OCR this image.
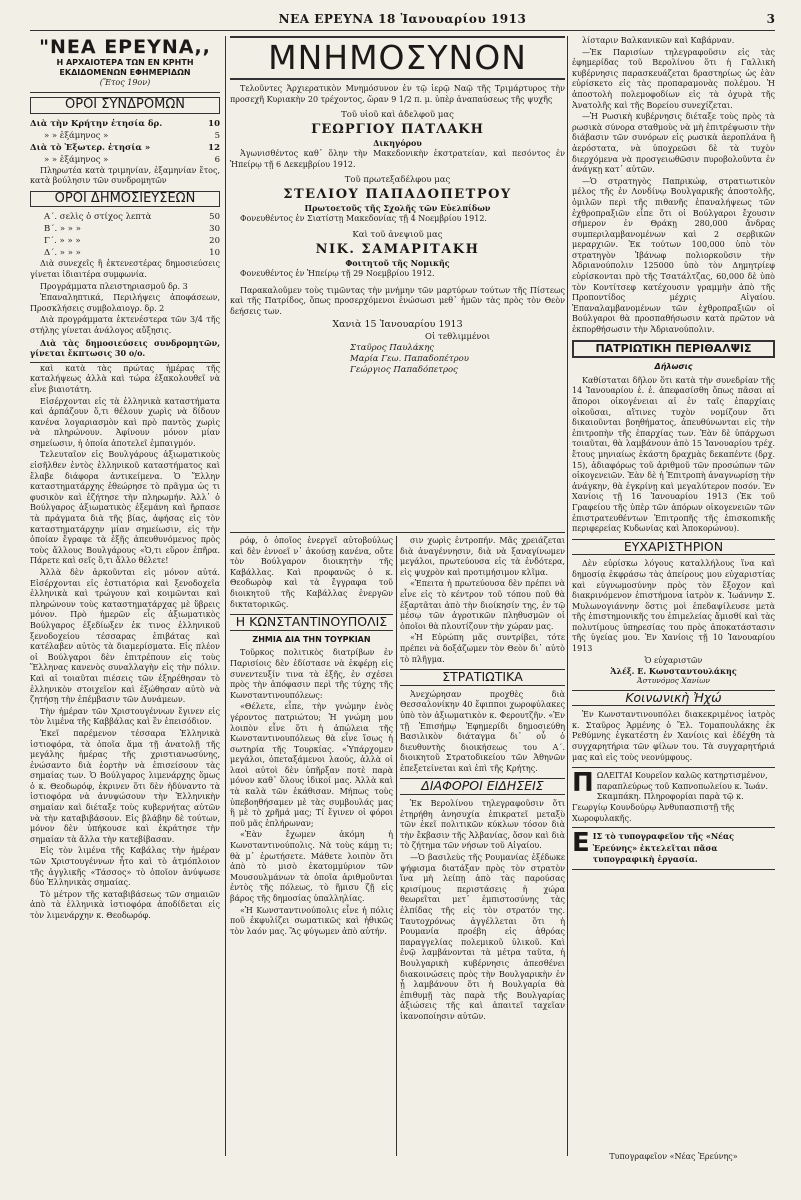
ΝΕΑ ΕΡΕΥΝΑ 18 Ἰανουαρίου 1913	3
"ΝΕΑ ΕΡΕΥΝΑ,,
Η ΑΡΧΑΙΟΤΕΡΑ ΤΩΝ ΕΝ ΚΡΗΤΗ
ΕΚΔΙΔΟΜΕΝΩΝ ΕΦΗΜΕΡΙΔΩΝ
(Ἔτος 19ον)
ΟΡΟΙ ΣΥΝΔΡΟΜΩΝ
Διὰ τὴν Κρήτην ἐτησία δρ.	10
» » ἑξάμηνος »	5
Διὰ τὸ Ἐξωτερ. ἐτησία »	12
» » ἑξάμηνος »	6

Πληρωτέα κατὰ τριμηνίαν, ἑξαμηνίαν ἔτος, κατὰ βούλησιν τῶν συνδρομητῶν

ΟΡΟΙ ΔΗΜΟΣΙΕΥΣΕΩΝ
Α΄. σελὶς ὁ στίχος λεπτὰ	50
Β΄. » » »	30
Γ΄. » » »	20
Δ΄. » » »	10

Διὰ συνεχεῖς ἢ ἐκτενεστέρας δημοσιεύσεις γίνεται ἰδιαιτέρα συμφωνία.

Προγράμματα πλειστηριασμοῦ δρ. 3

Ἐπαναληπτικά, Περιλήψεις ἀποφάσεων, Προσκλήσεις συμβολαιογρ. δρ. 2

Διὰ προγράμματα ἐκτενέστερα τῶν 3/4 τῆς στήλης γίνεται ἀνάλογος αὔξησις.

Διὰ τὰς δημοσιεύσεις συνδρομητῶν, γίνεται ἔκπτωσις 30 ο/ο.

καὶ κατὰ τὰς πρώτας ἡμέρας τῆς καταλήψεως ἀλλὰ καὶ τώρα ἐξακολουθεῖ νὰ εἶνε βιαιοτάτη.

Εἰσέρχονται εἰς τὰ ἑλληνικὰ καταστήματα καὶ ἁρπάζουν ὅ,τι θέλουν χωρὶς νὰ δίδουν κανένα λογαριασμὸν καὶ πρὸ παντὸς χωρὶς νὰ πληρώνουν. Ἀφίνουν μόνον μίαν σημείωσιν, ἡ ὁποία ἀποτελεῖ ἐμπαιγμόν.

Τελευταῖον εἰς Βουλγάρους ἀξιωματικοὺς εἰσῆλθεν ἐντὸς ἑλληνικοῦ καταστήματος καὶ ἔλαβε διάφορα ἀντικείμενα. Ὁ Ἕλλην καταστηματάρχης ἐθεώρησε τὸ πρᾶγμα ὡς τι φυσικὸν καὶ ἐζήτησε τὴν πληρωμήν. Ἀλλ᾽ ὁ Βούλγαρος ἀξιωματικὸς ἐξεμάνη καὶ ἤρπασε τὰ πράγματα διὰ τῆς βίας, ἀφήσας εἰς τὸν καταστηματάρχην μίαν σημείωσιν, εἰς τὴν ὁποίαν ἔγραφε τὰ ἑξῆς ἀπευθυνόμενος πρὸς τοὺς ἄλλους Βουλγάρους «Ὁ,τι εὕρον ἐπῆρα. Πάρετε καὶ σεῖς ὅ,τι ἄλλο θέλετε!

Ἀλλὰ δὲν ἀρκοῦνται εἰς μόνον αὐτά. Εἰσέρχονται εἰς ἑστιατόρια καὶ ξενοδοχεῖα ἑλληνικὰ καὶ τρώγουν καὶ κοιμῶνται καὶ πληρώνουν τοὺς καταστηματάρχας μὲ ὕβρεις μόνον. Πρὸ ἡμερῶν εἷς ἀξιωματικὸς Βούλγαρος ἐξεδίωξεν ἐκ τινος ἑλληνικοῦ ξενοδοχείου τέσσαρας ἐπιβάτας καὶ κατέλαβεν αὐτὸς τὰ διαμερίσματα. Εἰς πλέον οἱ Βούλγαροι δὲν ἐπιτρέπουν εἰς τοὺς Ἕλληνας κανενὸς συναλλαγὴν εἰς τὴν πόλιν. Καὶ αἱ τοιαῦται πιέσεις τῶν ἐξηρέθησαν τὸ ἑλληνικὸν στοιχεῖον καὶ ἐξώθησαν αὐτὸ νὰ ζητήσῃ τὴν ἐπέμβασιν τῶν Δυνάμεων.

Τὴν ἡμέραν τῶν Χριστουγέννων ἔγινεν εἰς τὸν λιμένα τῆς Καββάλας καὶ ἓν ἐπεισόδιον.

Ἐκεῖ παρέμενον τέσσαρα Ἑλληνικὰ ἱστιοφόρα, τὰ ὁποῖα ἅμα τῇ ἀνατολῇ τῆς μεγάλης ἡμέρας τῆς χριστιανωσύνης, ἐνώσαντο διὰ ἑορτὴν νὰ ἐπισείσουν τὰς σημαίας των. Ὁ Βούλγαρος λιμενάρχης ὅμως ὁ κ. Θεοδωρόφ, ἐκρινεν ὅτι δὲν ἠδύναντο τὰ ἱστιοφόρα νὰ ἀνυψώσουν τὴν Ἑλληνικὴν σημαίαν καὶ διέταξε τοὺς κυβερνήτας αὐτῶν νὰ τὴν καταβιβάσουν. Εἰς βλάβην δὲ τούτων, μόνον δὲν ὑπήκουσε καὶ ἐκράτησε τὴν σημαίαν τὰ ἄλλα τὴν κατεβίβασαν.

Εἰς τὸν λιμένα τῆς Καβάλας τὴν ἡμέραν τῶν Χριστουγέννων ἦτο καὶ τὸ ἀτμόπλοιον τῆς ἀγγλικῆς «Τάσσος» τὸ ὁποῖον ἀνύψωσε δύο Ἑλληνικὰς σημαίας.

Τὸ μέτρον τῆς καταβιβάσεως τῶν σημαιῶν ἀπὸ τὰ ἑλληνικὰ ἱστιοφόρα ἀποδίδεται εἰς τὸν λιμενάρχην κ. Θεοδωρόφ.

ΜΝΗΜΟΣΥΝΟΝ

Τελοῦντες Ἀρχιερατικὸν Μνημόσυνον ἐν τῷ ἱερῷ Ναῷ τῆς Τριμάρτυρος τὴν προσεχῆ Κυριακὴν 20 τρέχοντος, ὥραν 9 1/2 π. μ. ὑπὲρ ἀναπαύσεως τῆς ψυχῆς

Τοῦ υἱοῦ καὶ ἀδελφοῦ μας
ΓΕΩΡΓΙΟΥ ΠΑΤΛΑΚΗ
Δικηγόρου

Ἀγωνισθέντος καθ᾽ ὅλην τὴν Μακεδονικὴν ἐκστρατείαν, καὶ πεσόντος ἐν Ἠπείρῳ τῇ 6 Δεκεμβρίου 1912.

Τοῦ πρωτεξαδέλφου μας
ΣΤΕΛΙΟΥ ΠΑΠΑΔΟΠΕΤΡΟΥ
Πρωτοετοῦς τῆς Σχολῆς τῶν Εὐελπίδων

Φονευθέντος ἐν Σιατίστῃ Μακεδονίας τῇ 4 Νοεμβρίου 1912.

Καὶ τοῦ ἀνεψιοῦ μας
ΝΙΚ. ΣΑΜΑΡΙΤΑΚΗ
Φοιτητοῦ τῆς Νομικῆς

Φονευθέντος ἐν Ἠπείρῳ τῇ 29 Νοεμβρίου 1912.

Παρακαλοῦμεν τοὺς τιμῶντας τὴν μνήμην τῶν μαρτύρων τούτων τῆς Πίστεως καὶ τῆς Πατρίδος, ὅπως προσερχόμενοι ἑνώσωσι μεθ᾽ ἡμῶν τὰς πρὸς τὸν Θεὸν δεήσεις των.

Χανιὰ 15 Ἰανουαρίου 1913
Οἱ τεθλιμμένοι
Σταῦρος Παυλάκης
Μαρία Γεω. Παπαδοπέτρου
Γεώργιος Παπαδόπετρος

ρόφ, ὁ ὁποῖος ἐνεργεῖ αὐτοβούλως καὶ δὲν ἐννοεῖ ν᾽ ἀκούσῃ κανένα, οὔτε τὸν Βούλγαρον διοικητὴν τῆς Καβάλλας. Καὶ προφανῶς ὁ κ. Θεοδωρὸφ καὶ τὰ ἔγγραφα τοῦ διοικητοῦ τῆς Καβάλλας ἐνεργῶν δικτατορικῶς.

Η ΚΩΝΣΤΑΝΤΙΝΟΥΠΟΛΙΣ
ΖΗΜΙΑ ΔΙΑ ΤΗΝ ΤΟΥΡΚΙΑΝ

Τοῦρκος πολιτικὸς διατρίβων ἐν Παρισίοις δὲν ἐδίστασε νὰ ἐκφέρῃ εἰς συνεντευξίν τινα τὰ ἑξῆς, ἐν σχέσει πρὸς τὴν ἀπόφασιν περὶ τῆς τύχης τῆς Κωνσταντινουπόλεως:

«Θέλετε, εἶπε, τὴν γνώμην ἑνὸς γέροντος πατριώτου; Ἡ γνώμη μου λοιπὸν εἶνε ὅτι ἡ ἀπώλεια τῆς Κωνσταντινουπόλεως θὰ εἶνε ἴσως ἡ σωτηρία τῆς Τουρκίας. «Ὑπάρχομεν μεγάλοι, ὀπεταξάμενοι λαούς, ἀλλὰ οἱ λαοὶ αὐτοὶ δὲν ὑπῆρξαν ποτὲ παρὰ μόνον καθ᾽ ὅλους ἰδικοί μας. Ἀλλὰ καὶ τὰ καλὰ τῶν ἐκάθισαν. Μήπως τοὺς ὑπεβοηθήσαμεν μὲ τὰς συμβουλάς μας ἢ μὲ τὸ χρῆμά μας; Τί ἔγινεν οἱ φόροι ποῦ μᾶς ἐπλήρωναν;

«Ἐὰν ἔχωμεν ἀκόμη ἡ Κωνσταντινούπολις. Νὰ τοὺς κάμῃ τι; θὰ μ᾽ ἐρωτήσετε. Μάθετε λοιπὸν ὅτι ἀπὸ τὸ μισὸ ἐκατομμύριον τῶν Μουσουλμάνων τὰ ὁποῖα ἀριθμοῦνται ἐντὸς τῆς πόλεως, τὸ ἥμισυ ζῇ εἰς βάρος τῆς δημοσίας ὑπαλληλίας.

«Ἡ Κωνσταντινούπολις εἶνε ἡ πόλις ποῦ ἐκφυλίζει σωματικῶς καὶ ἠθικῶς τὸν λαόν μας. Ἂς φύγωμεν ἀπὸ αὐτήν.

σιν χωρὶς ἐντροπήν. Μᾶς χρειάζεται διὰ ἀναγέννησιν, διὰ νὰ ξαναγίνωμεν μεγάλοι, πρωτεύουσα εἰς τὰ ἐνδότερα, εἰς ψυχρὸν καὶ προτιμήσιμον κλῖμα.

«Ἐπειτα ἡ πρωτεύουσα δὲν πρέπει νὰ εἶνε εἰς τὸ κέντρον τοῦ τόπου ποῦ θὰ ἐξαρτᾶται ἀπὸ τὴν διοίκησίν της, ἐν τῷ μέσῳ τῶν ἀγροτικῶν πληθυσμῶν οἱ ὁποῖοι θὰ πλουτίζουν τὴν χώραν μας.

«Ἡ Εὐρώπη μᾶς συντρίβει, τότε πρέπει νὰ δοξάζωμεν τὸν Θεὸν δι᾽ αὐτὸ τὸ πλῆγμα.

ΣΤΡΑΤΙΩΤΙΚΑ

Ἀνεχώρησαν προχθὲς διὰ Θεσσαλονίκην 40 ἔφιπποι χωροφύλακες ὑπὸ τὸν ἀξιωματικὸν κ. Φερουτζῆν. «Ἐν τῇ Ἐπισήμῳ Ἐφημερίδι δημοσιεύθη Βασιλικὸν διάταγμα δι᾽ οὗ ὁ διευθυντὴς διοικήσεως του Α΄. διοικητοῦ Στρατοδικείου τῶν Ἀθηνῶν ἐπεξετείνεται καὶ ἐπὶ τῆς Κρήτης.

ΔΙΑΦΟΡΟΙ ΕΙΔΗΣΕΙΣ

Ἐκ Βερολίνου τηλεγραφοῦσιν ὅτι ἐτηρήθη ἀνησυχία ἐπικρατεῖ μεταξὺ τῶν ἐκεῖ πολιτικῶν κύκλων τόσον διὰ τὴν ἔκβασιν τῆς Ἀλβανίας, ὅσον καὶ διὰ τὸ ζήτημα τῶν νήσων τοῦ Αἰγαίου.

—Ὁ βασιλεὺς τῆς Ρουμανίας ἐξέδωκε ψήφισμα διατάξαν πρὸς τὸν στρατὸν ἵνα μὴ λείπῃ ἀπὸ τὰς παρούσας κρισίμους περιστάσεις ἡ χώρα θεωρεῖται μετ᾽ ἐμπιστοσύνης τὰς ἐλπίδας τῆς εἰς τὸν στρατόν της. Ταυτοχρόνως ἀγγέλλεται ὅτι ἡ Ρουμανία προέβη εἰς ἀθρόας παραγγελίας πολεμικοῦ ὑλικοῦ. Καὶ ἐνῷ λαμβάνονται τὰ μέτρα ταῦτα, ἡ Βουλγαρικὴ κυβέρνησις ἀπεσθένει διακοινώσεις πρὸς τὴν Βουλγαρικὴν ἐν ᾗ λαμβάνουν ὅτι ἡ Βουλγαρία θὰ ἐπιθυμῇ τὰς παρὰ τῆς Βουλγαρίας ἀξιώσεις τῆς καὶ ἀπαιτεῖ ταχεῖαν ἱκανοποίησιν αὐτῶν.

λίσταριν Βαλκανικῶν καὶ Καβάρναν.

—Ἐκ Παρισίων τηλεγραφοῦσιν εἰς τὰς ἐφημερίδας τοῦ Βερολίνου ὅτι ἡ Γαλλικὴ κυβέρνησις παρασκευάζεται δραστηρίως ὡς ἐὰν εὑρίσκετο εἰς τὰς προπαραμονὰς πολέμου. Ἡ ἀποστολὴ πολεμοφοδίων εἰς τὰ ὀχυρὰ τῆς Ἀνατολῆς καὶ τῆς Βορείου συνεχίζεται.

—Ἡ Ρωσικὴ κυβέρνησις διέταξε τοὺς πρὸς τὰ ρωσικὰ σύνορα σταθμοὺς νὰ μὴ ἐπιτρέψωσιν τὴν διάβασιν τῶν συνόρων εἰς ρωσικὰ ἀεροπλάνα ἢ ἀερόστατα, νὰ ὑποχρεῶσι δὲ τὰ τυχὸν διερχόμενα νὰ προσγειωθῶσιν πυροβολοῦντα ἐν ἀνάγκῃ κατ᾽ αὐτῶν.

—Ὁ στρατηγὸς Παπρικώφ, στρατιωτικὸν μέλος τῆς ἐν Λονδίνῳ Βουλγαρικῆς ἀποστολῆς, ὁμιλῶν περὶ τῆς πιθανῆς ἐπαναλήψεως τῶν ἐχθροπραξιῶν εἶπε ὅτι οἱ Βούλγαροι ἔχουσιν σήμερον ἐν Θράκῃ 280,000 ἄνδρας συμπεριλαμβανομένων καὶ 2 σερβικῶν μεραρχιῶν. Ἐκ τούτων 100,000 ὑπὸ τὸν στρατηγὸν Ἰβάνωφ πολιορκοῦσιν τὴν Ἀδριανούπολιν 125000 ὑπὸ τὸν Δημητρίεφ εὑρίσκονται πρὸ τῆς Τσατάλτζας, 60,000 δὲ ὑπὸ τὸν Κοντίτσεφ κατέχουσιν γραμμὴν ἀπὸ τῆς Προποντίδος μέχρις Αἰγαίου. Ἐπαναλαμβανομένων τῶν ἐχθροπραξιῶν οἱ Βούλγαροι θὰ προσπαθήσωσιν κατὰ πρῶτον νὰ ἐκπορθήσωσιν τὴν Ἀδριανούπολιν.

ΠΑΤΡΙΩΤΙΚΗ ΠΕΡΙΘΑΛΨΙΣ
Δήλωσις

Καθίσταται δῆλον ὅτι κατὰ τὴν συνεδρίαν τῆς 14 Ἰανουαρίου ἐ. ἐ. ἀπεφασίσθη ὅπως πᾶσαι αἱ ἄποροι οἰκογένειαι αἱ ἐν ταῖς ἐπαρχίαις οἰκοῦσαι, αἵτινες τυχὸν νομίζουν ὅτι δικαιοῦνται βοηθήματος, ἀπευθύνωνται εἰς τὴν ἐπιτροπὴν τῆς ἐπαρχίας των. Ἐὰν δὲ ὑπάρχωσι τοιαῦται, θὰ λαμβάνουν ἀπὸ 15 Ἰανουαρίου τρέχ. ἔτους μηνιαίως ἑκάστη δραχμὰς δεκαπέντε (δρχ. 15), ἀδιαφόρως τοῦ ἀριθμοῦ τῶν προσώπων τῶν οἰκογενειῶν. Ἐὰν δὲ ἡ Ἐπιτροπὴ ἀναγνωρίσῃ τὴν ἀνάγκην, θὰ ἐγκρίνῃ καὶ μεγαλύτερον ποσόν. Ἐν Χανίοις τῇ 16 Ἰανουαρίου 1913 (Ἐκ τοῦ Γραφείου τῆς ὑπὲρ τῶν ἀπόρων οἰκογενειῶν τῶν ἐπιστρατευθέντων Ἐπιτροπῆς τῆς ἐπισκοπικῆς περιφερείας Κυδωνίας καὶ Ἀποκορώνου).

ΕΥΧΑΡΙΣΤΗΡΙΟΝ

Δὲν εὑρίσκω λόγους καταλλήλους ἵνα καὶ δημοσίᾳ ἐκφράσω τὰς ἀπείρους μου εὐχαριστίας καὶ εὐγνωμοσύνην πρὸς τὸν ἔξοχον καὶ διακρινόμενον ἐπιστήμονα ἰατρὸν κ. Ἰωάννην Σ. Μυλωνογιάννην ὅστις μοὶ ἐπεδαψίλευσε μετὰ τῆς ἐπιστημονικῆς του ἐπιμελείας ἄμισθί καὶ τὰς πολυτίμους ὑπηρεσίας του πρὸς ἀποκατάστασιν τῆς ὑγείας μου. Ἐν Χανίοις τῇ 10 Ἰανουαρίου 1913

Ὁ εὐχαριστῶν
Ἀλέξ. Ε. Κωνσταντουλάκης
Ἀστυνόμος Χανίων
Κοινωνικὴ Ἠχώ

Ἐν Κωνσταντινουπόλει διακεκριμένος ἰατρὸς κ. Σταῦρος Ἀρμένης ὁ Ἔλ. Τομαπουλάκης ἐκ Ρεθύμνης ἐγκατέστη ἐν Χανίοις καὶ ἐδέχθη τὰ συγχαρητήρια τῶν φίλων του. Τὰ συγχαρητήριά μας καὶ εἰς τοὺς νεονύμφους.

Π ΩΛΕΙΤΑΙ Κουρεῖον καλῶς κατηρτισμένον, παραπλεύρως τοῦ Καπνοπωλείου κ. Ἰωάν. Σκαμπάκη. Πληροφορίαι παρὰ τῷ κ. Γεωργίῳ Κουνδούρῳ Ἀνθυπασπιστῇ τῆς Χωροφυλακῆς.
Ε ΙΣ τὸ τυπογραφεῖον τῆς «Νέας Ἐρεύνης» ἐκτελεῖται πᾶσα τυπογραφικὴ ἐργασία.
Τυπογραφεῖον «Νέας Ἐρεύνης»
